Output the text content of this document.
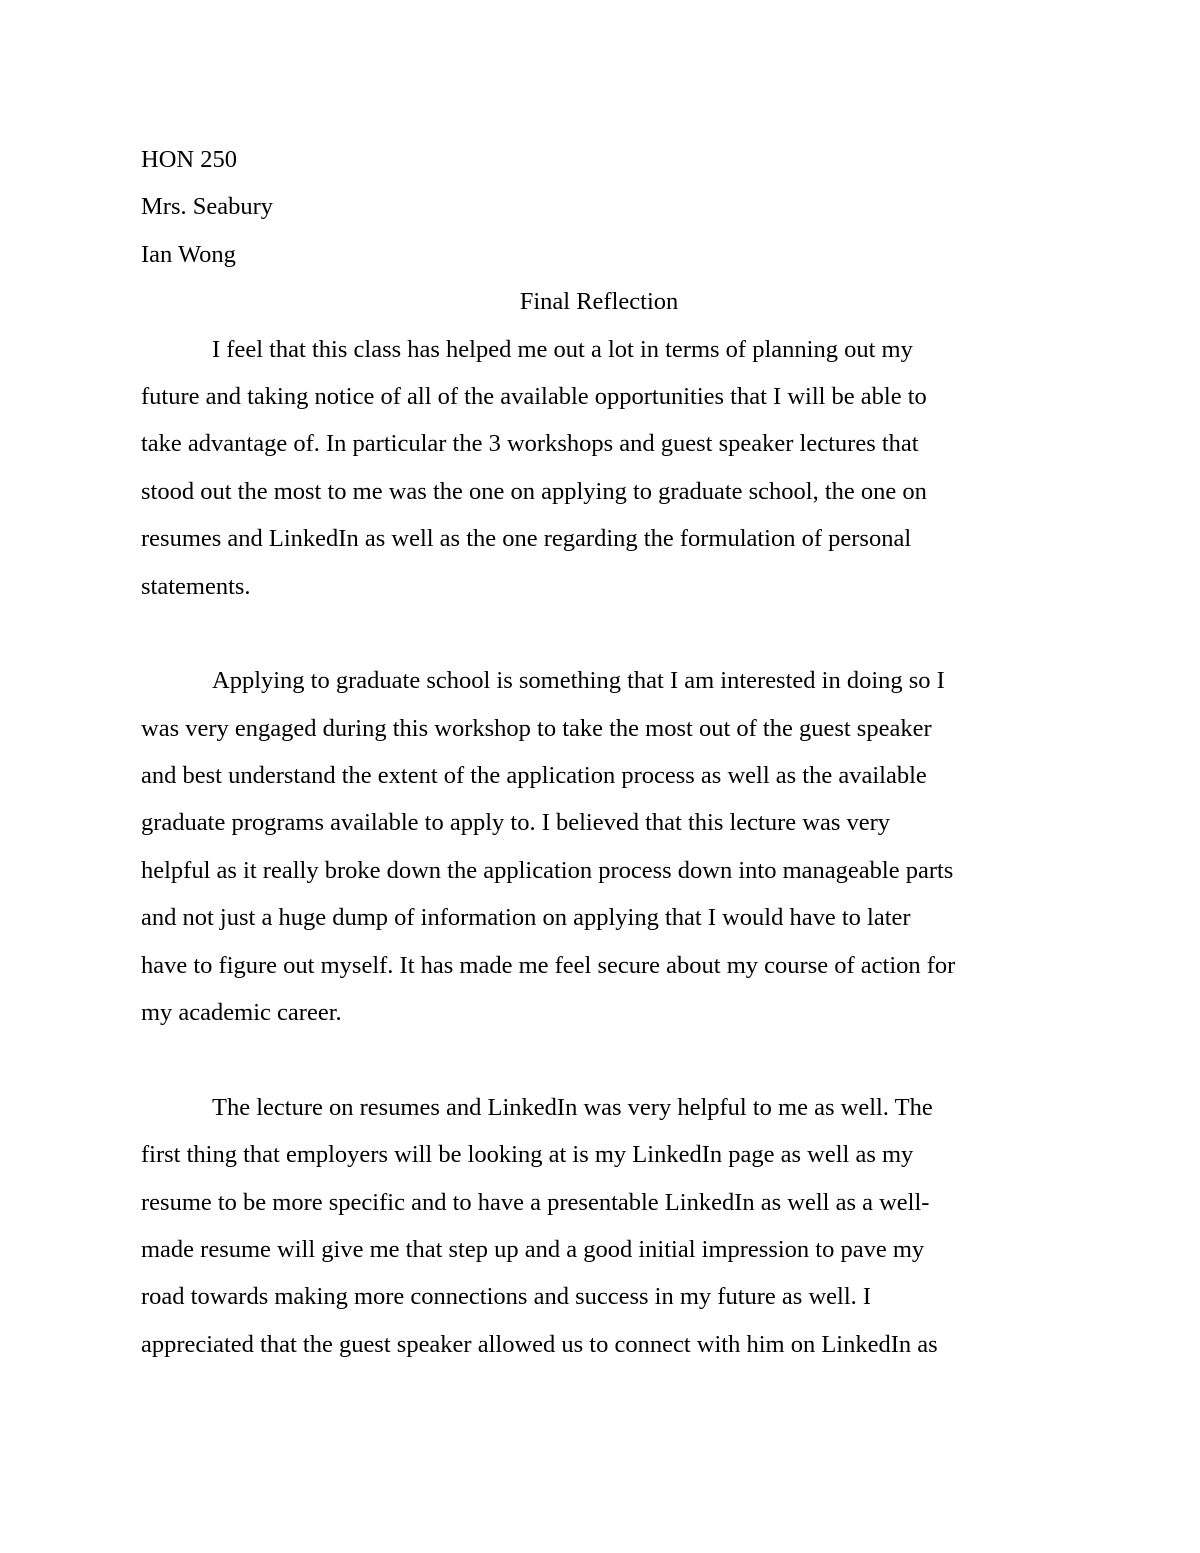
HON 250
Mrs. Seabury
Ian Wong
Final Reflection
I feel that this class has helped me out a lot in terms of planning out my
future and taking notice of all of the available opportunities that I will be able to
take advantage of. In particular the 3 workshops and guest speaker lectures that
stood out the most to me was the one on applying to graduate school, the one on
resumes and LinkedIn as well as the one regarding the formulation of personal
statements.
Applying to graduate school is something that I am interested in doing so I
was very engaged during this workshop to take the most out of the guest speaker
and best understand the extent of the application process as well as the available
graduate programs available to apply to. I believed that this lecture was very
helpful as it really broke down the application process down into manageable parts
and not just a huge dump of information on applying that I would have to later
have to figure out myself. It has made me feel secure about my course of action for
my academic career.
The lecture on resumes and LinkedIn was very helpful to me as well. The
first thing that employers will be looking at is my LinkedIn page as well as my
resume to be more specific and to have a presentable LinkedIn as well as a well-
made resume will give me that step up and a good initial impression to pave my
road towards making more connections and success in my future as well. I
appreciated that the guest speaker allowed us to connect with him on LinkedIn as
